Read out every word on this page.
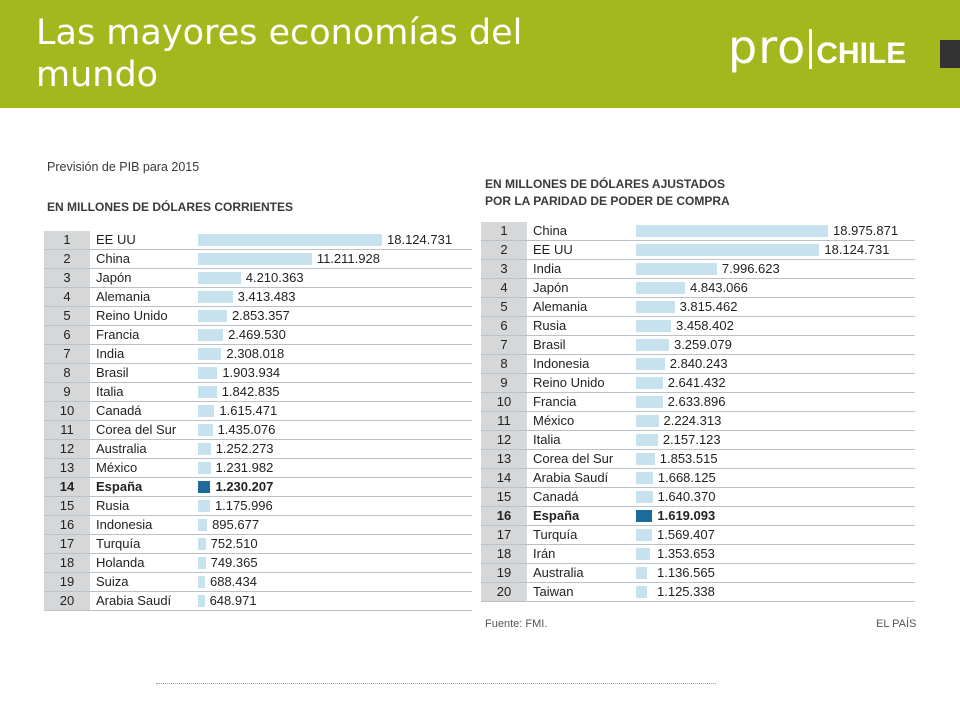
Las mayores economías del mundo
pro CHILE
Previsión de PIB para 2015
EN MILLONES DE DÓLARES CORRIENTES
1	EE UU	18.124.731
2	China	11.211.928
3	Japón	4.210.363
4	Alemania	3.413.483
5	Reino Unido	2.853.357
6	Francia	2.469.530
7	India	2.308.018
8	Brasil	1.903.934
9	Italia	1.842.835
10	Canadá	1.615.471
11	Corea del Sur	1.435.076
12	Australia	1.252.273
13	México	1.231.982
14	España	1.230.207
15	Rusia	1.175.996
16	Indonesia	895.677
17	Turquía	752.510
18	Holanda	749.365
19	Suiza	688.434
20	Arabia Saudí	648.971
EN MILLONES DE DÓLARES AJUSTADOS
POR LA PARIDAD DE PODER DE COMPRA
1	China	18.975.871
2	EE UU	18.124.731
3	India	7.996.623
4	Japón	4.843.066
5	Alemania	3.815.462
6	Rusia	3.458.402
7	Brasil	3.259.079
8	Indonesia	2.840.243
9	Reino Unido	2.641.432
10	Francia	2.633.896
11	México	2.224.313
12	Italia	2.157.123
13	Corea del Sur	1.853.515
14	Arabia Saudí	1.668.125
15	Canadá	1.640.370
16	España	1.619.093
17	Turquía	1.569.407
18	Irán	1.353.653
19	Australia	1.136.565
20	Taiwan	1.125.338
Fuente: FMI.	EL PAÍS
